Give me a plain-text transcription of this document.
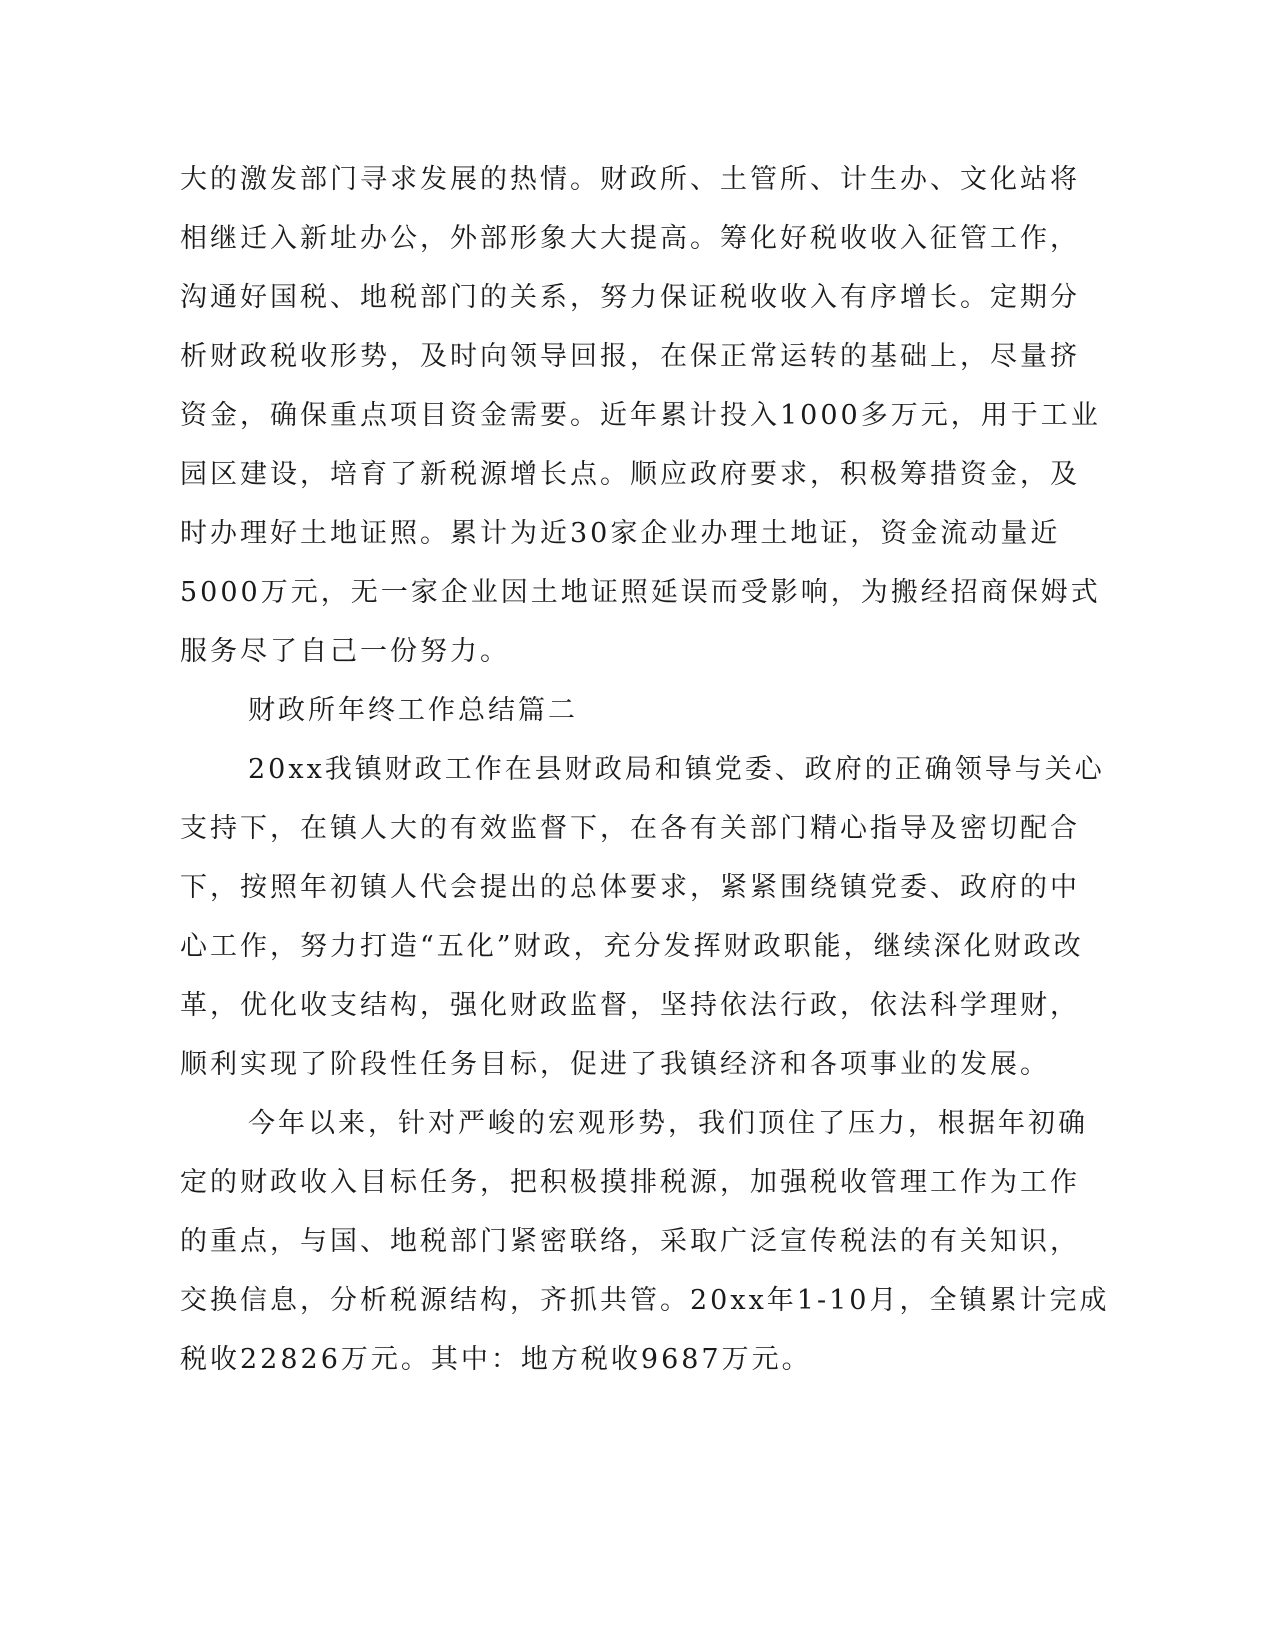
大的激发部门寻求发展的热情。财政所、土管所、计生办、文化站将
相继迁入新址办公，外部形象大大提高。筹化好税收收入征管工作，
沟通好国税、地税部门的关系，努力保证税收收入有序增长。定期分
析财政税收形势，及时向领导回报，在保正常运转的基础上，尽量挤
资金，确保重点项目资金需要。近年累计投入1000多万元，用于工业
园区建设，培育了新税源增长点。顺应政府要求，积极筹措资金，及
时办理好土地证照。累计为近30家企业办理土地证，资金流动量近
5000万元，无一家企业因土地证照延误而受影响，为搬经招商保姆式
服务尽了自己一份努力。

财政所年终工作总结篇二

20xx我镇财政工作在县财政局和镇党委、政府的正确领导与关心
支持下，在镇人大的有效监督下，在各有关部门精心指导及密切配合
下，按照年初镇人代会提出的总体要求，紧紧围绕镇党委、政府的中
心工作，努力打造“五化”财政，充分发挥财政职能，继续深化财政改
革，优化收支结构，强化财政监督，坚持依法行政，依法科学理财，
顺利实现了阶段性任务目标，促进了我镇经济和各项事业的发展。

今年以来，针对严峻的宏观形势，我们顶住了压力，根据年初确
定的财政收入目标任务，把积极摸排税源，加强税收管理工作为工作
的重点，与国、地税部门紧密联络，采取广泛宣传税法的有关知识，
交换信息，分析税源结构，齐抓共管。20xx年1-10月，全镇累计完成
税收22826万元。其中：地方税收9687万元。
